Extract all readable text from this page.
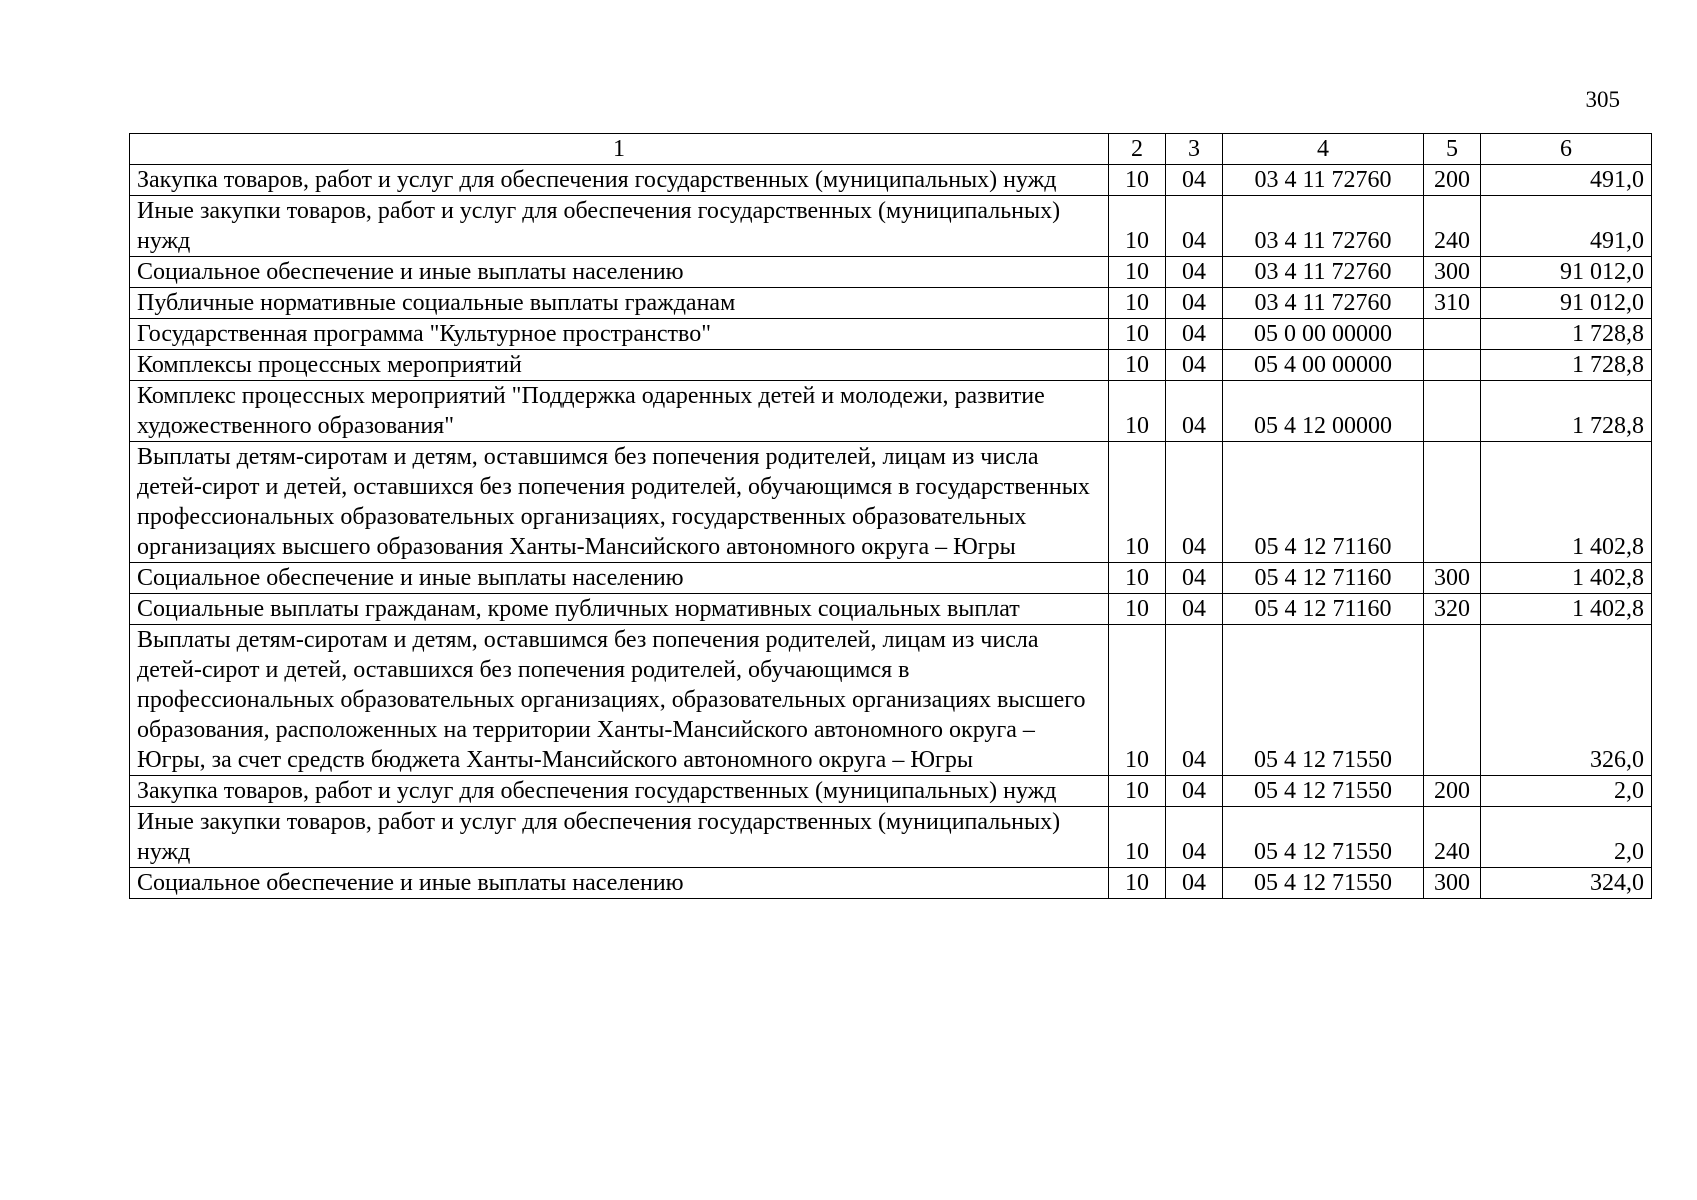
305
1	2	3	4	5	6
Закупка товаров, работ и услуг для обеспечения государственных (муниципальных) нужд	10	04	03 4 11 72760	200	491,0
Иные закупки товаров, работ и услуг для обеспечения государственных (муниципальных) нужд	10	04	03 4 11 72760	240	491,0
Социальное обеспечение и иные выплаты населению	10	04	03 4 11 72760	300	91 012,0
Публичные нормативные социальные выплаты гражданам	10	04	03 4 11 72760	310	91 012,0
Государственная программа "Культурное пространство"	10	04	05 0 00 00000		1 728,8
Комплексы процессных мероприятий	10	04	05 4 00 00000		1 728,8
Комплекс процессных мероприятий "Поддержка одаренных детей и молодежи, развитие художественного образования"	10	04	05 4 12 00000		1 728,8
Выплаты детям-сиротам и детям, оставшимся без попечения родителей, лицам из числа детей-сирот и детей, оставшихся без попечения родителей, обучающимся в государственных профессиональных образовательных организациях, государственных образовательных организациях высшего образования Ханты-Мансийского автономного округа – Югры	10	04	05 4 12 71160		1 402,8
Социальное обеспечение и иные выплаты населению	10	04	05 4 12 71160	300	1 402,8
Социальные выплаты гражданам, кроме публичных нормативных социальных выплат	10	04	05 4 12 71160	320	1 402,8
Выплаты детям-сиротам и детям, оставшимся без попечения родителей, лицам из числа детей-сирот и детей, оставшихся без попечения родителей, обучающимся в профессиональных образовательных организациях, образовательных организациях высшего образования, расположенных на территории Ханты-Мансийского автономного округа – Югры, за счет средств бюджета Ханты-Мансийского автономного округа – Югры	10	04	05 4 12 71550		326,0
Закупка товаров, работ и услуг для обеспечения государственных (муниципальных) нужд	10	04	05 4 12 71550	200	2,0
Иные закупки товаров, работ и услуг для обеспечения государственных (муниципальных) нужд	10	04	05 4 12 71550	240	2,0
Социальное обеспечение и иные выплаты населению	10	04	05 4 12 71550	300	324,0
